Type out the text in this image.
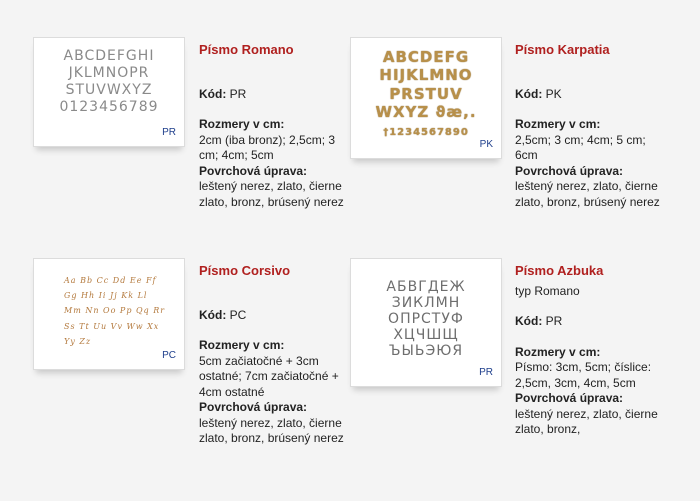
ABCDEFGHI
JKLMNOPR
STUVWXYZ
0123456789
PR
Písmo Romano
Kód: PR
Rozmery v cm:
2cm (iba bronz); 2,5cm; 3 cm; 4cm; 5cm
Povrchová úprava:
leštený nerez, zlato, čierne zlato, bronz, brúsený nerez
ABCDEFG
HIJKLMNO
PRSTUV
WXYZ ϑæ,.
†1234567890
PK
Písmo Karpatia
Kód: PK
Rozmery v cm:
2,5cm; 3 cm; 4cm; 5 cm; 6cm
Povrchová úprava:
leštený nerez, zlato, čierne zlato, bronz, brúsený nerez
Aa Bb Cc Dd Ee Ff
Gg Hh Ii Jj Kk Ll
Mm Nn Oo Pp Qq Rr
Ss Tt Uu Vv Ww Xx
Yy Zz
PC
Písmo Corsivo
Kód: PC
Rozmery v cm:
5cm začiatočné + 3cm ostatné; 7cm začiatočné + 4cm ostatné
Povrchová úprava:
leštený nerez, zlato, čierne zlato, bronz, brúsený nerez
АБВГДЕЖ
ЗИКЛМН
ОПРСТУФ
ХЦЧШЩ
ЪЫЬЭЮЯ
PR
Písmo Azbuka
typ Romano
Kód: PR
Rozmery v cm:
Písmo: 3cm, 5cm; číslice: 2,5cm, 3cm, 4cm, 5cm
Povrchová úprava:
leštený nerez, zlato, čierne zlato, bronz,
